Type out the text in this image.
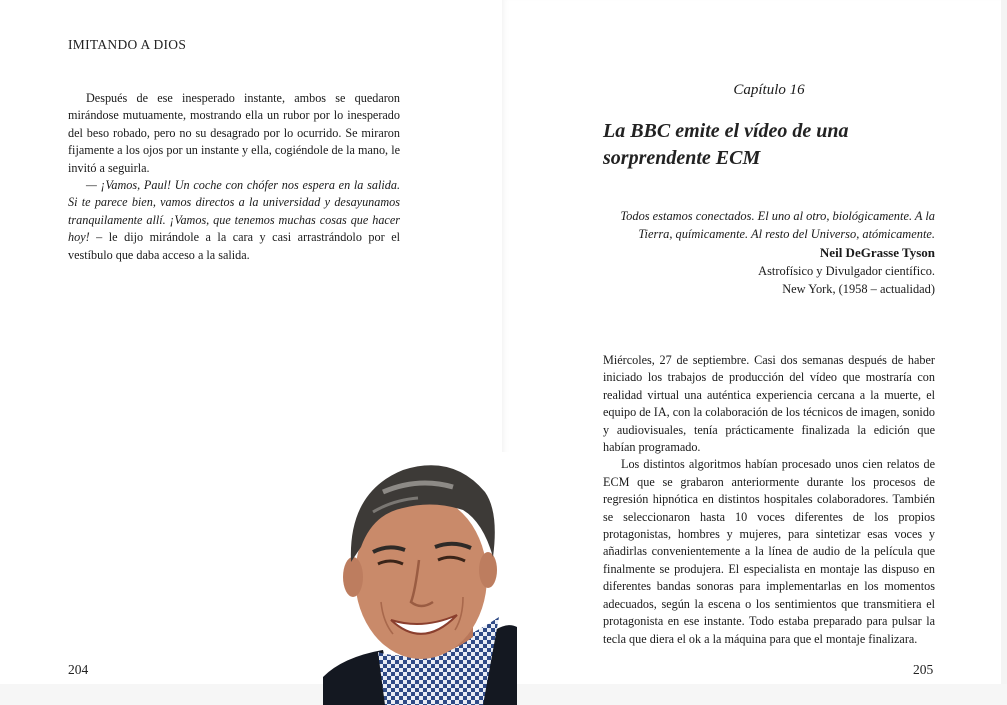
IMITANDO A DIOS

Después de ese inesperado instante, ambos se quedaron mirándose mutuamente, mostrando ella un rubor por lo inesperado del beso robado, pero no su desagrado por lo ocurrido. Se miraron fijamente a los ojos por un instante y ella, cogiéndole de la mano, le invitó a seguirla.

— ¡Vamos, Paul! Un coche con chófer nos espera en la salida. Si te parece bien, vamos directos a la universidad y desayunamos tranquilamente allí. ¡Vamos, que tenemos muchas cosas que hacer hoy! – le dijo mirándole a la cara y casi arrastrándolo por el vestíbulo que daba acceso a la salida.

204
Capítulo 16
La BBC emite el vídeo de una sorprendente ECM
Todos estamos conectados. El uno al otro, biológicamente. A la Tierra, químicamente. Al resto del Universo, atómicamente.
Neil DeGrasse Tyson
Astrofísico y Divulgador científico.
New York, (1958 – actualidad)

Miércoles, 27 de septiembre. Casi dos semanas después de haber iniciado los trabajos de producción del vídeo que mostraría con realidad virtual una auténtica experiencia cercana a la muerte, el equipo de IA, con la colaboración de los técnicos de imagen, sonido y audiovisuales, tenía prácticamente finalizada la edición que habían programado.

Los distintos algoritmos habían procesado unos cien relatos de ECM que se grabaron anteriormente durante los procesos de regresión hipnótica en distintos hospitales colaboradores. También se seleccionaron hasta 10 voces diferentes de los propios protagonistas, hombres y mujeres, para sintetizar esas voces y añadirlas convenientemente a la línea de audio de la película que finalmente se produjera. El especialista en montaje las dispuso en diferentes bandas sonoras para implementarlas en los momentos adecuados, según la escena o los sentimientos que transmitiera el protagonista en ese instante. Todo estaba preparado para pulsar la tecla que diera el ok a la máquina para que el montaje finalizara.

205
